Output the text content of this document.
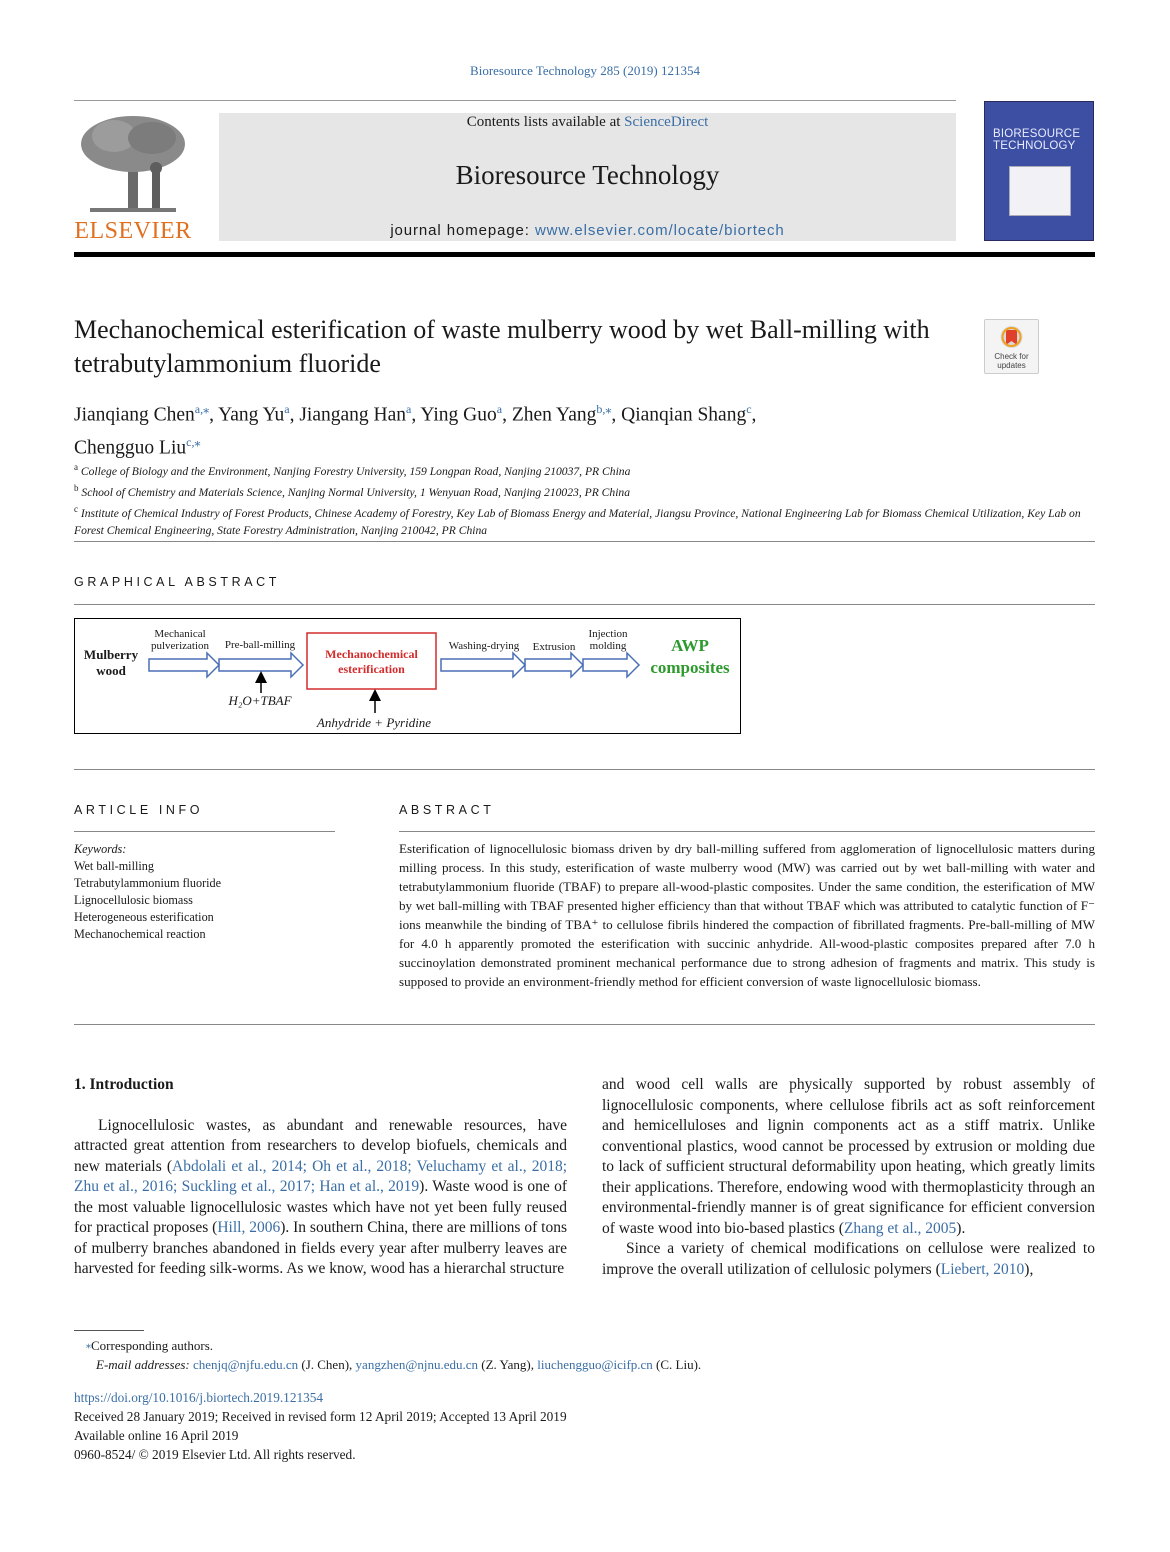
Bioresource Technology 285 (2019) 121354
ELSEVIER
Contents lists available at ScienceDirect
Bioresource Technology
journal homepage: www.elsevier.com/locate/biortech
BIORESOURCE TECHNOLOGY
Mechanochemical esterification of waste mulberry wood by wet Ball-milling with tetrabutylammonium fluoride	Check for updates
Jianqiang Chen$^{a,⁎}$, Yang Yu$^a$, Jiangang Han$^a$, Ying Guo$^a$, Zhen Yang$^{b,⁎}$, Qianqian Shang$^c$,
Chengguo Liu$^{c,⁎}$
$^a$ College of Biology and the Environment, Nanjing Forestry University, 159 Longpan Road, Nanjing 210037, PR China
$^b$ School of Chemistry and Materials Science, Nanjing Normal University, 1 Wenyuan Road, Nanjing 210023, PR China
$^c$ Institute of Chemical Industry of Forest Products, Chinese Academy of Forestry, Key Lab of Biomass Energy and Material, Jiangsu Province, National Engineering Lab for Biomass Chemical Utilization, Key Lab on Forest Chemical Engineering, State Forestry Administration, Nanjing 210042, PR China
GRAPHICAL ABSTRACT
Mulberry wood
Mechanical pulverization	Pre-ball-milling
H₂O+TBAF
Mechanochemical esterification
Anhydride + Pyridine
Washing-drying	Extrusion
Injection molding	AWP composites
ARTICLE INFO
Keywords:
Wet ball-milling
Tetrabutylammonium fluoride
Lignocellulosic biomass
Heterogeneous esterification
Mechanochemical reaction
ABSTRACT
Esterification of lignocellulosic biomass driven by dry ball-milling suffered from agglomeration of lignocellulosic matters during milling process. In this study, esterification of waste mulberry wood (MW) was carried out by wet ball-milling with water and tetrabutylammonium fluoride (TBAF) to prepare all-wood-plastic composites. Under the same condition, the esterification of MW by wet ball-milling with TBAF presented higher efficiency than that without TBAF which was attributed to catalytic function of F⁻ ions meanwhile the binding of TBA⁺ to cellulose fibrils hindered the compaction of fibrillated fragments. Pre-ball-milling of MW for 4.0 h apparently promoted the esterification with succinic anhydride. All-wood-plastic composites prepared after 7.0 h succinoylation demonstrated prominent mechanical performance due to strong adhesion of fragments and matrix. This study is supposed to provide an environment-friendly method for efficient conversion of waste lignocellulosic biomass.

1. Introduction

Lignocellulosic wastes, as abundant and renewable resources, have attracted great attention from researchers to develop biofuels, chemicals and new materials (Abdolali et al., 2014; Oh et al., 2018; Veluchamy et al., 2018; Zhu et al., 2016; Suckling et al., 2017; Han et al., 2019). Waste wood is one of the most valuable lignocellulosic wastes which have not yet been fully reused for practical proposes (Hill, 2006). In southern China, there are millions of tons of mulberry branches abandoned in fields every year after mulberry leaves are harvested for feeding silk-worms. As we know, wood has a hierarchal structure

and wood cell walls are physically supported by robust assembly of lignocellulosic components, where cellulose fibrils act as soft reinforcement and hemicelluloses and lignin components act as a stiff matrix. Unlike conventional plastics, wood cannot be processed by extrusion or molding due to lack of sufficient structural deformability upon heating, which greatly limits their applications. Therefore, endowing wood with thermoplasticity through an environmental-friendly manner is of great significance for efficient conversion of waste wood into bio-based plastics (Zhang et al., 2005).

Since a variety of chemical modifications on cellulose were realized to improve the overall utilization of cellulosic polymers (Liebert, 2010),

⁎Corresponding authors.
E-mail addresses: chenjq@njfu.edu.cn (J. Chen), yangzhen@njnu.edu.cn (Z. Yang), liuchengguo@icifp.cn (C. Liu).
https://doi.org/10.1016/j.biortech.2019.121354
Received 28 January 2019; Received in revised form 12 April 2019; Accepted 13 April 2019
Available online 16 April 2019
0960-8524/ © 2019 Elsevier Ltd. All rights reserved.
